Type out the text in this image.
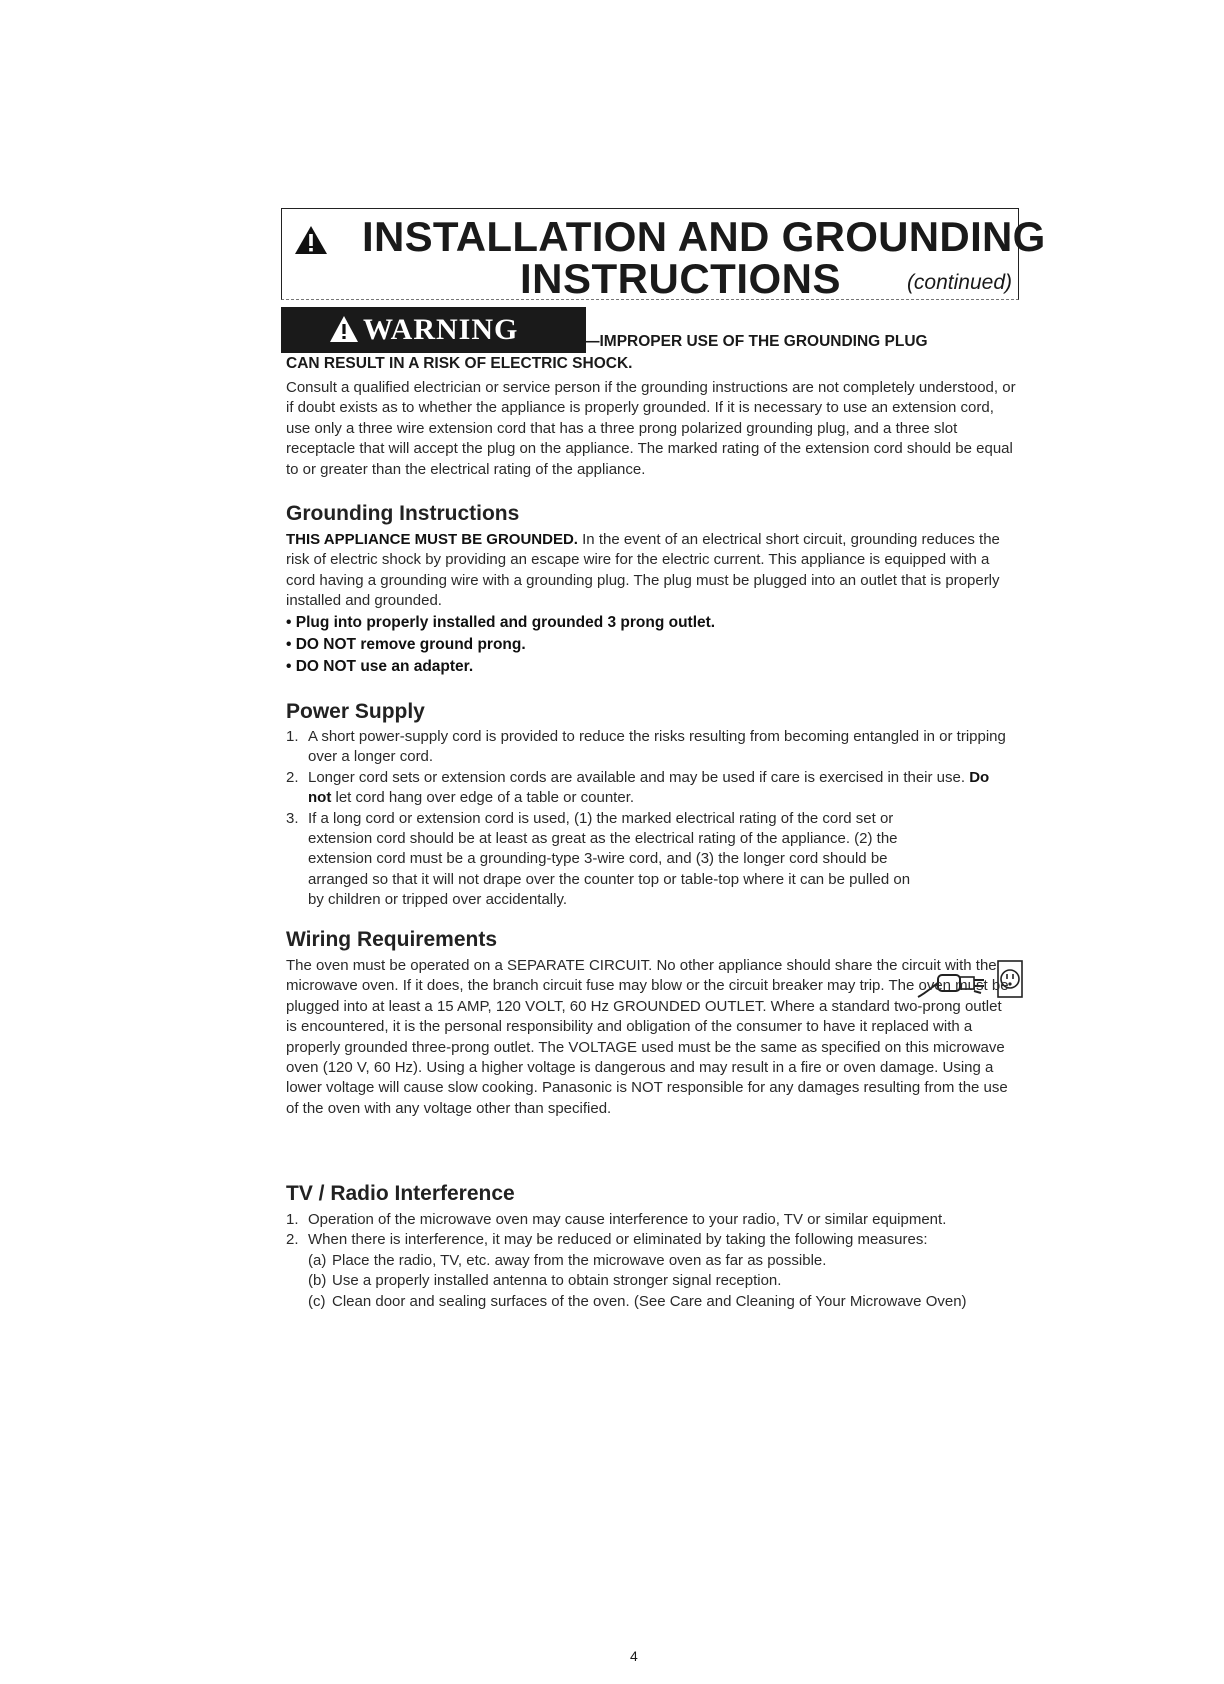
INSTALLATION AND GROUNDING
INSTRUCTIONS	(continued)
WARNING	—IMPROPER USE OF THE GROUNDING PLUG
CAN RESULT IN A RISK OF ELECTRIC SHOCK.

Consult a qualified electrician or service person if the grounding instructions are not completely understood, or if doubt exists as to whether the appliance is properly grounded. If it is necessary to use an extension cord, use only a three wire extension cord that has a three prong polarized grounding plug, and a three slot receptacle that will accept the plug on the appliance. The marked rating of the extension cord should be equal to or greater than the electrical rating of the appliance.

Grounding Instructions

THIS APPLIANCE MUST BE GROUNDED. In the event of an electrical short circuit, grounding reduces the risk of electric shock by providing an escape wire for the electric current. This appliance is equipped with a cord having a grounding wire with a grounding plug. The plug must be plugged into an outlet that is properly installed and grounded.

• Plug into properly installed and grounded 3 prong outlet.

• DO NOT remove ground prong.

• DO NOT use an adapter.

Power Supply
1. A short power-supply cord is provided to reduce the risks resulting from becoming entangled in or tripping over a longer cord.
2. Longer cord sets or extension cords are available and may be used if care is exercised in their use. Do not let cord hang over edge of a table or counter.
3. If a long cord or extension cord is used, (1) the marked electrical rating of the cord set or extension cord should be at least as great as the electrical rating of the appliance. (2) the extension cord must be a grounding-type 3-wire cord, and (3) the longer cord should be arranged so that it will not drape over the counter top or table-top where it can be pulled on by children or tripped over accidentally.
Wiring Requirements

The oven must be operated on a SEPARATE CIRCUIT. No other appliance should share the circuit with the microwave oven. If it does, the branch circuit fuse may blow or the circuit breaker may trip. The oven must be plugged into at least a 15 AMP, 120 VOLT, 60 Hz GROUNDED OUTLET. Where a standard two-prong outlet is encountered, it is the personal responsibility and obligation of the consumer to have it replaced with a properly grounded three-prong outlet. The VOLTAGE used must be the same as specified on this microwave oven (120 V, 60 Hz). Using a higher voltage is dangerous and may result in a fire or oven damage. Using a lower voltage will cause slow cooking. Panasonic is NOT responsible for any damages resulting from the use of the oven with any voltage other than specified.

TV / Radio Interference
1. Operation of the microwave oven may cause interference to your radio, TV or similar equipment.
2. When there is interference, it may be reduced or eliminated by taking the following measures:
(a) Place the radio, TV, etc. away from the microwave oven as far as possible.
(b) Use a properly installed antenna to obtain stronger signal reception.
(c) Clean door and sealing surfaces of the oven. (See Care and Cleaning of Your Microwave Oven)
4
